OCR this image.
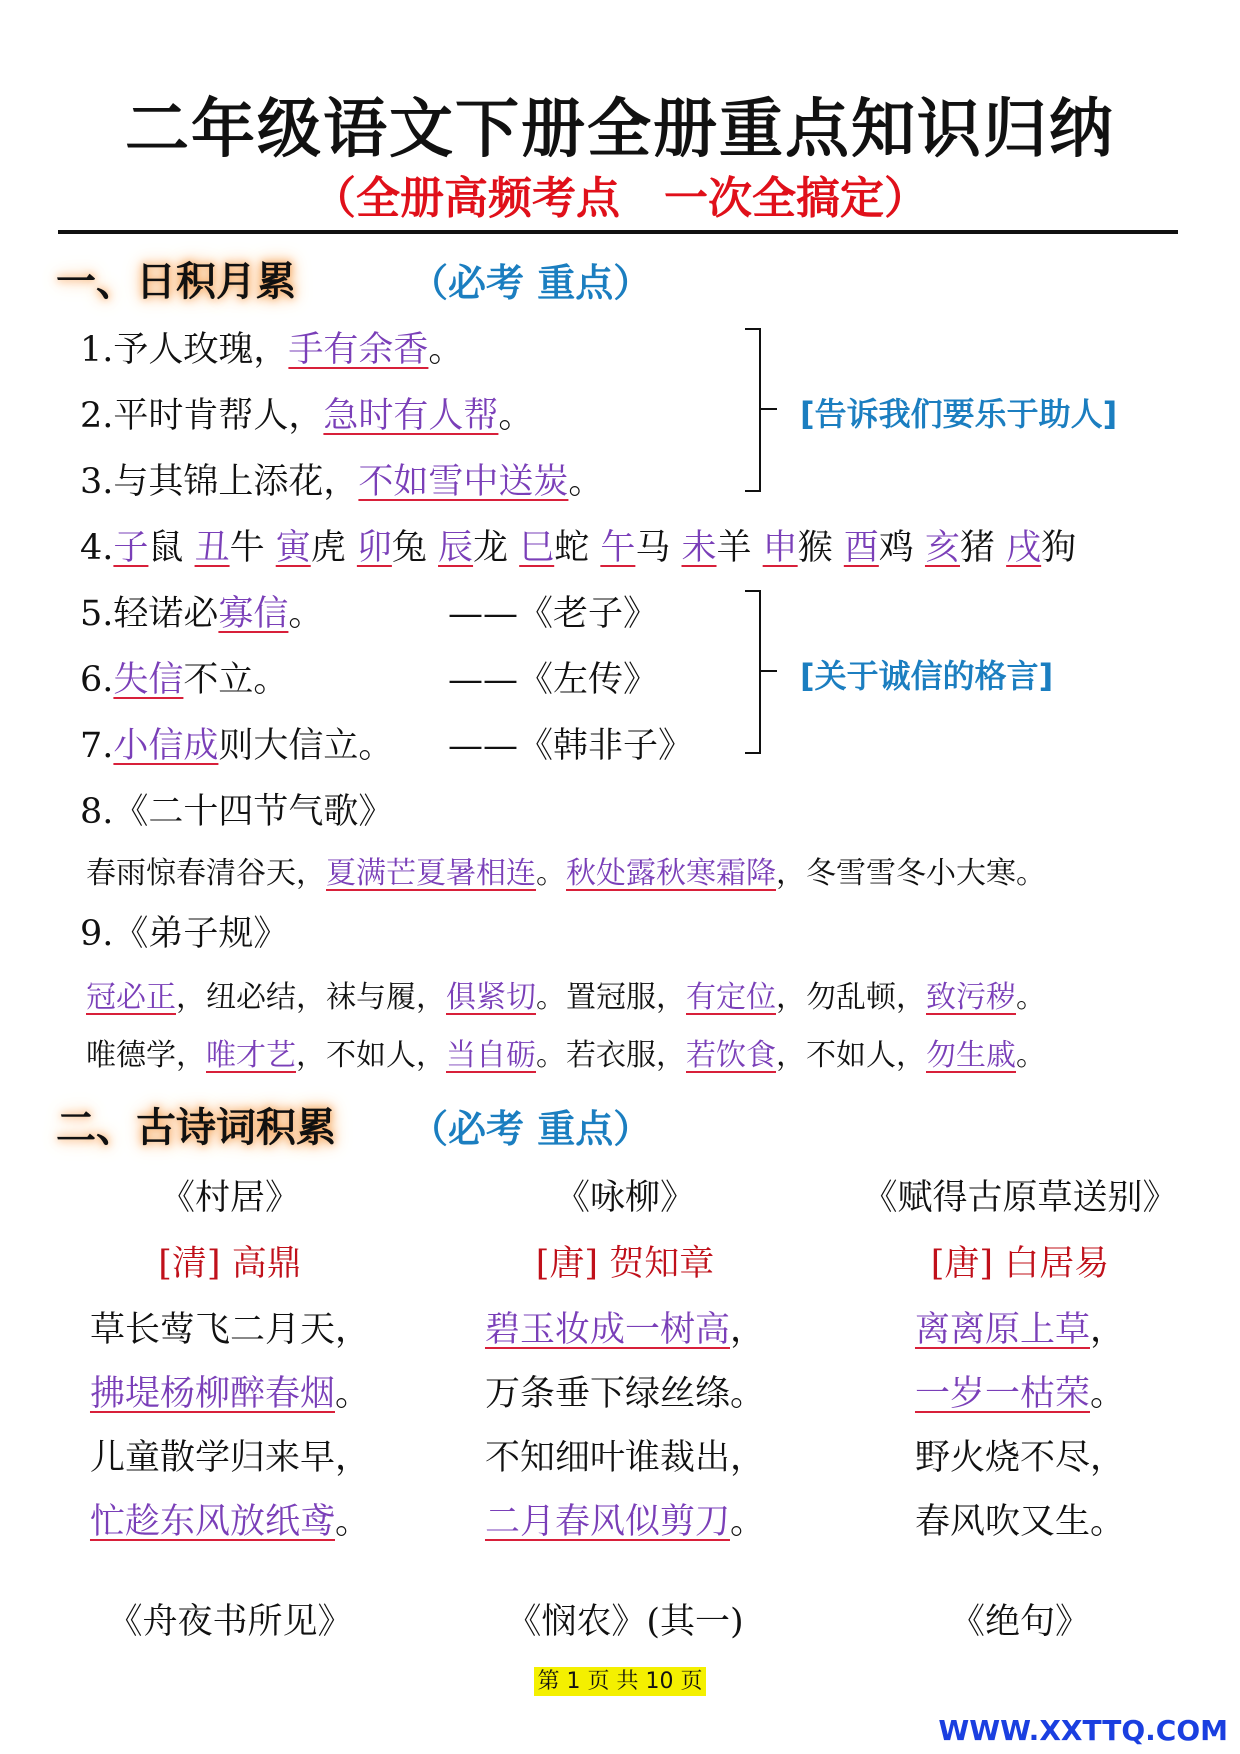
二年级语文下册全册重点知识归纳
（全册高频考点　一次全搞定）
一、日积月累	（必考 重点）
1.予人玫瑰，手有余香。
2.平时肯帮人，急时有人帮。
3.与其锦上添花，不如雪中送炭。
[告诉我们要乐于助人]
4.子鼠 丑牛 寅虎 卯兔 辰龙 巳蛇 午马 未羊 申猴 酉鸡 亥猪 戌狗
5.轻诺必寡信。	——《老子》
6.失信不立。	——《左传》
7.小信成则大信立。 ——《韩非子》
[关于诚信的格言]
8.《二十四节气歌》
春雨惊春清谷天，夏满芒夏暑相连。秋处露秋寒霜降，冬雪雪冬小大寒。
9.《弟子规》
冠必正，纽必结，袜与履，俱紧切。置冠服，有定位，勿乱顿，致污秽。
唯德学，唯才艺，不如人，当自砺。若衣服，若饮食，不如人，勿生戚。
二、古诗词积累 （必考 重点）
《村居》
[清] 高鼎
草长莺飞二月天，
拂堤杨柳醉春烟。
儿童散学归来早，
忙趁东风放纸鸢。
《咏柳》
[唐] 贺知章
碧玉妆成一树高，
万条垂下绿丝绦。
不知细叶谁裁出，
二月春风似剪刀。
《赋得古原草送别》
[唐] 白居易
离离原上草，
一岁一枯荣。
野火烧不尽，
春风吹又生。
《舟夜书所见》	《悯农》(其一)	《绝句》
第 1 页 共 10 页
WWW.XXTTQ.COM
